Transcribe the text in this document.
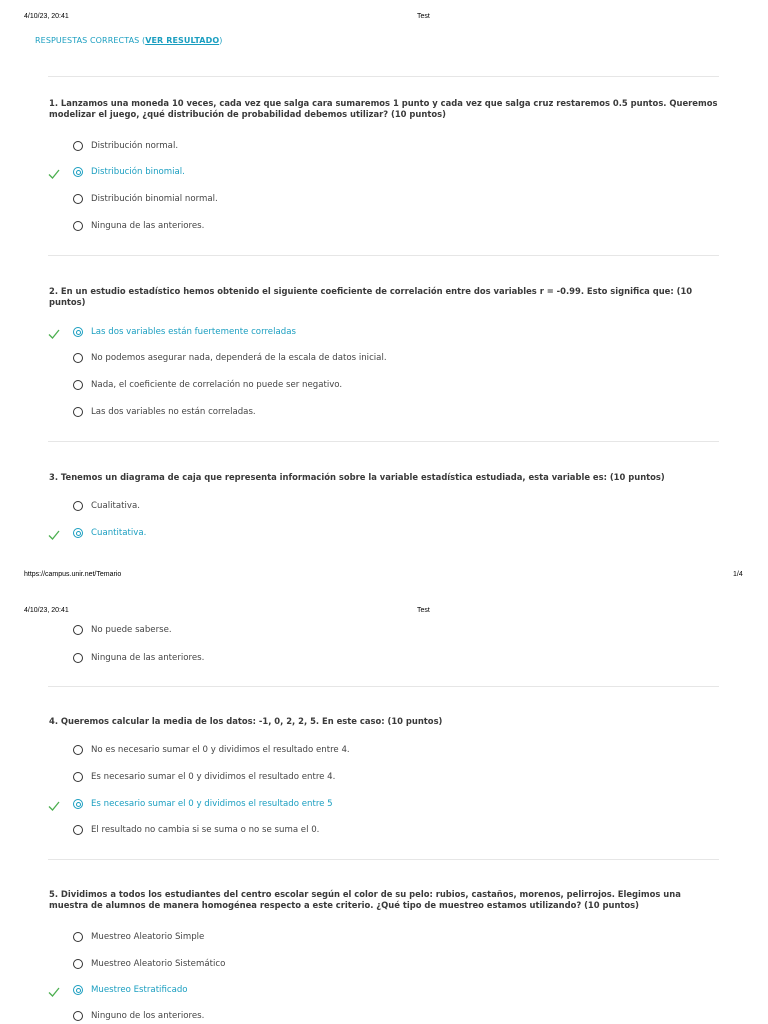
4/10/23, 20:41	Test
RESPUESTAS CORRECTAS (VER RESULTADO)
1. Lanzamos una moneda 10 veces, cada vez que salga cara sumaremos 1 punto y cada vez que salga cruz restaremos 0.5 puntos. Queremos modelizar el juego, ¿qué distribución de probabilidad debemos utilizar? (10 puntos)
Distribución normal.
Distribución binomial.
Distribución binomial normal.
Ninguna de las anteriores.
2. En un estudio estadístico hemos obtenido el siguiente coeficiente de correlación entre dos variables r = -0.99. Esto significa que: (10 puntos)
Las dos variables están fuertemente correladas
No podemos asegurar nada, dependerá de la escala de datos inicial.
Nada, el coeficiente de correlación no puede ser negativo.
Las dos variables no están correladas.
3. Tenemos un diagrama de caja que representa información sobre la variable estadística estudiada, esta variable es: (10 puntos)
Cualitativa.
Cuantitativa.
https://campus.unir.net/Temario	1/4
4/10/23, 20:41	Test
No puede saberse.
Ninguna de las anteriores.
4. Queremos calcular la media de los datos: -1, 0, 2, 2, 5. En este caso: (10 puntos)
No es necesario sumar el 0 y dividimos el resultado entre 4.
Es necesario sumar el 0 y dividimos el resultado entre 4.
Es necesario sumar el 0 y dividimos el resultado entre 5
El resultado no cambia si se suma o no se suma el 0.
5. Dividimos a todos los estudiantes del centro escolar según el color de su pelo: rubios, castaños, morenos, pelirrojos. Elegimos una muestra de alumnos de manera homogénea respecto a este criterio. ¿Qué tipo de muestreo estamos utilizando? (10 puntos)
Muestreo Aleatorio Simple
Muestreo Aleatorio Sistemático
Muestreo Estratificado
Ninguno de los anteriores.
